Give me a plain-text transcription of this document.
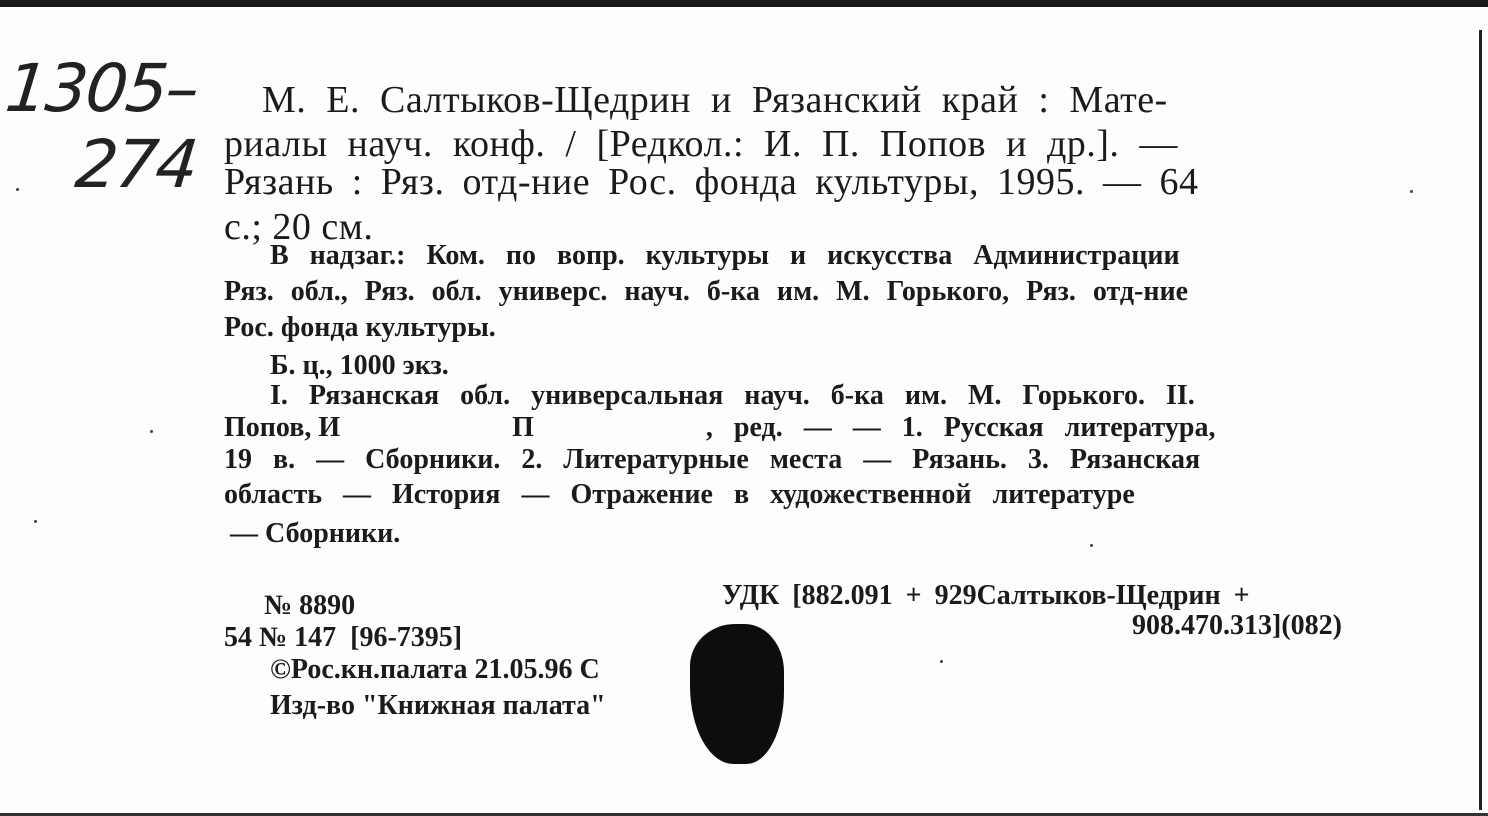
1305–
274
М. Е. Салтыков-Щедрин и Рязанский край : Мате-
риалы науч. конф. / [Редкол.: И. П. Попов и др.]. —
Рязань : Ряз. отд-ние Рос. фонда культуры, 1995. — 64
с.; 20 см.
В надзаг.: Ком. по вопр. культуры и искусства Администрации
Ряз. обл., Ряз. обл. универс. науч. б-ка им. М. Горького, Ряз. отд-ние
Рос. фонда культуры.
Б. ц., 1000 экз.
I. Рязанская обл. универсальная науч. б-ка им. М. Горького. II.
Попов, И	П	, ред. — — 1. Русская литература,
19 в. — Сборники. 2. Литературные места — Рязань. 3. Рязанская
область — История — Отражение в художественной литературе
— Сборники.
№ 8890
54 № 147  [96-7395]
©Рос.кн.палата 21.05.96 С
Изд-во "Книжная палата"
УДК [882.091 + 929Салтыков-Щедрин +
908.470.313](082)
